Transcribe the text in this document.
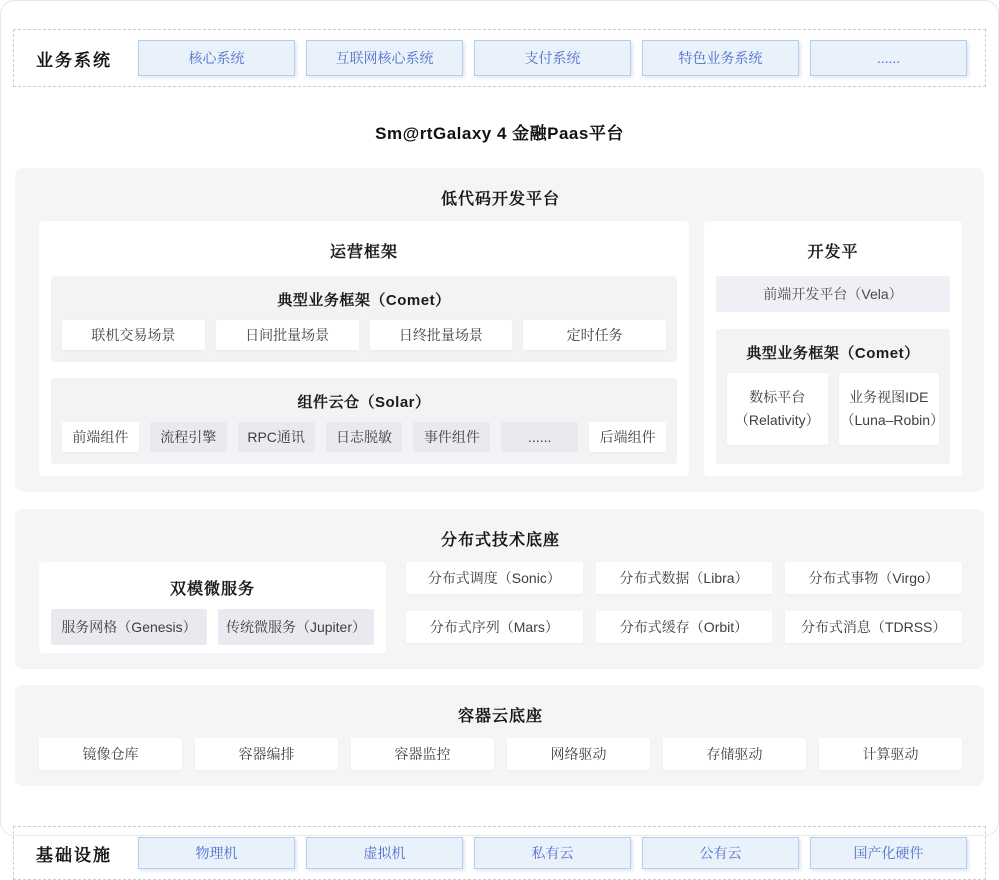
业务系统	核心系统	互联网核心系统	支付系统	特色业务系统	......
Sm@rtGalaxy 4 金融Paas平台
低代码开发平台
运营框架
典型业务框架（Comet）
联机交易场景	日间批量场景	日终批量场景	定时任务
组件云仓（Solar）
前端组件	流程引擎	RPC通讯	日志脱敏	事件组件	......	后端组件
开发平
前端开发平台（Vela）
典型业务框架（Comet）
数标平台
（Relativity）
业务视图IDE
（Luna–Robin）
分布式技术底座
双模微服务
服务网格（Genesis）	传统微服务（Jupiter）
分布式调度（Sonic）	分布式数据（Libra）	分布式事物（Virgo）
分布式序列（Mars）	分布式缓存（Orbit）	分布式消息（TDRSS）
容器云底座
镜像仓库	容器编排	容器监控	网络驱动	存储驱动	计算驱动
基础设施	物理机	虚拟机	私有云	公有云	国产化硬件
